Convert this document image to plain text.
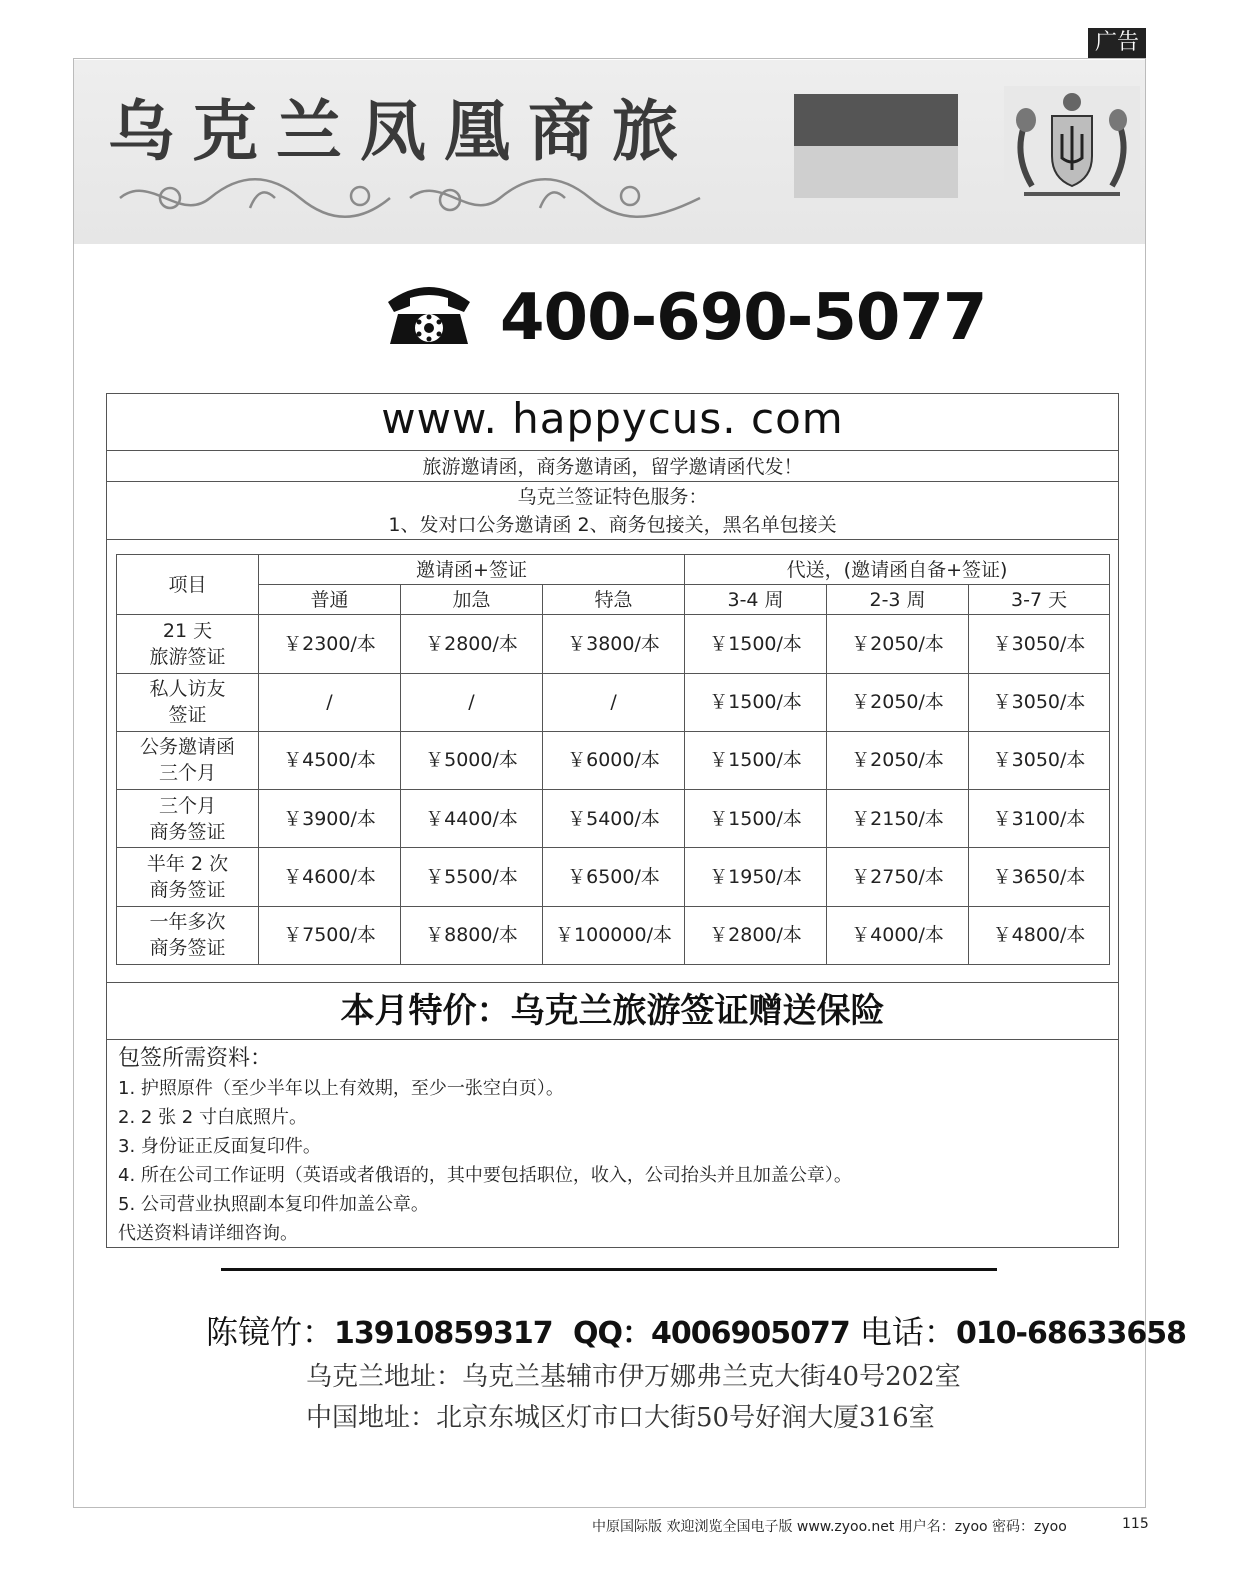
广告
乌克兰凤凰商旅
400-690-5077
www. happycus. com
旅游邀请函，商务邀请函，留学邀请函代发！
乌克兰签证特色服务：
1、发对口公务邀请函 2、商务包接关，黑名单包接关
项目	邀请函+签证			代送，(邀请函自备+签证)		
	普通	加急	特急	3-4 周	2-3 周	3-7 天
21 天
旅游签证	￥2300/本	￥2800/本	￥3800/本	￥1500/本	￥2050/本	￥3050/本
私人访友
签证	/	/	/	￥1500/本	￥2050/本	￥3050/本
公务邀请函
三个月	￥4500/本	￥5000/本	￥6000/本	￥1500/本	￥2050/本	￥3050/本
三个月
商务签证	￥3900/本	￥4400/本	￥5400/本	￥1500/本	￥2150/本	￥3100/本
半年 2 次
商务签证	￥4600/本	￥5500/本	￥6500/本	￥1950/本	￥2750/本	￥3650/本
一年多次
商务签证	￥7500/本	￥8800/本	￥100000/本	￥2800/本	￥4000/本	￥4800/本
本月特价：乌克兰旅游签证赠送保险
包签所需资料：
1. 护照原件（至少半年以上有效期，至少一张空白页）。
2. 2 张 2 寸白底照片。
3. 身份证正反面复印件。
4. 所在公司工作证明（英语或者俄语的，其中要包括职位，收入，公司抬头并且加盖公章）。
5. 公司营业执照副本复印件加盖公章。
代送资料请详细咨询。
陈镜竹：13910859317 QQ：4006905077 电话：010-68633658
乌克兰地址：乌克兰基辅市伊万娜弗兰克大街40号202室
中国地址：北京东城区灯市口大街50号好润大厦316室
中原国际版 欢迎浏览全国电子版 www.zyoo.net 用户名：zyoo 密码：zyoo	115
